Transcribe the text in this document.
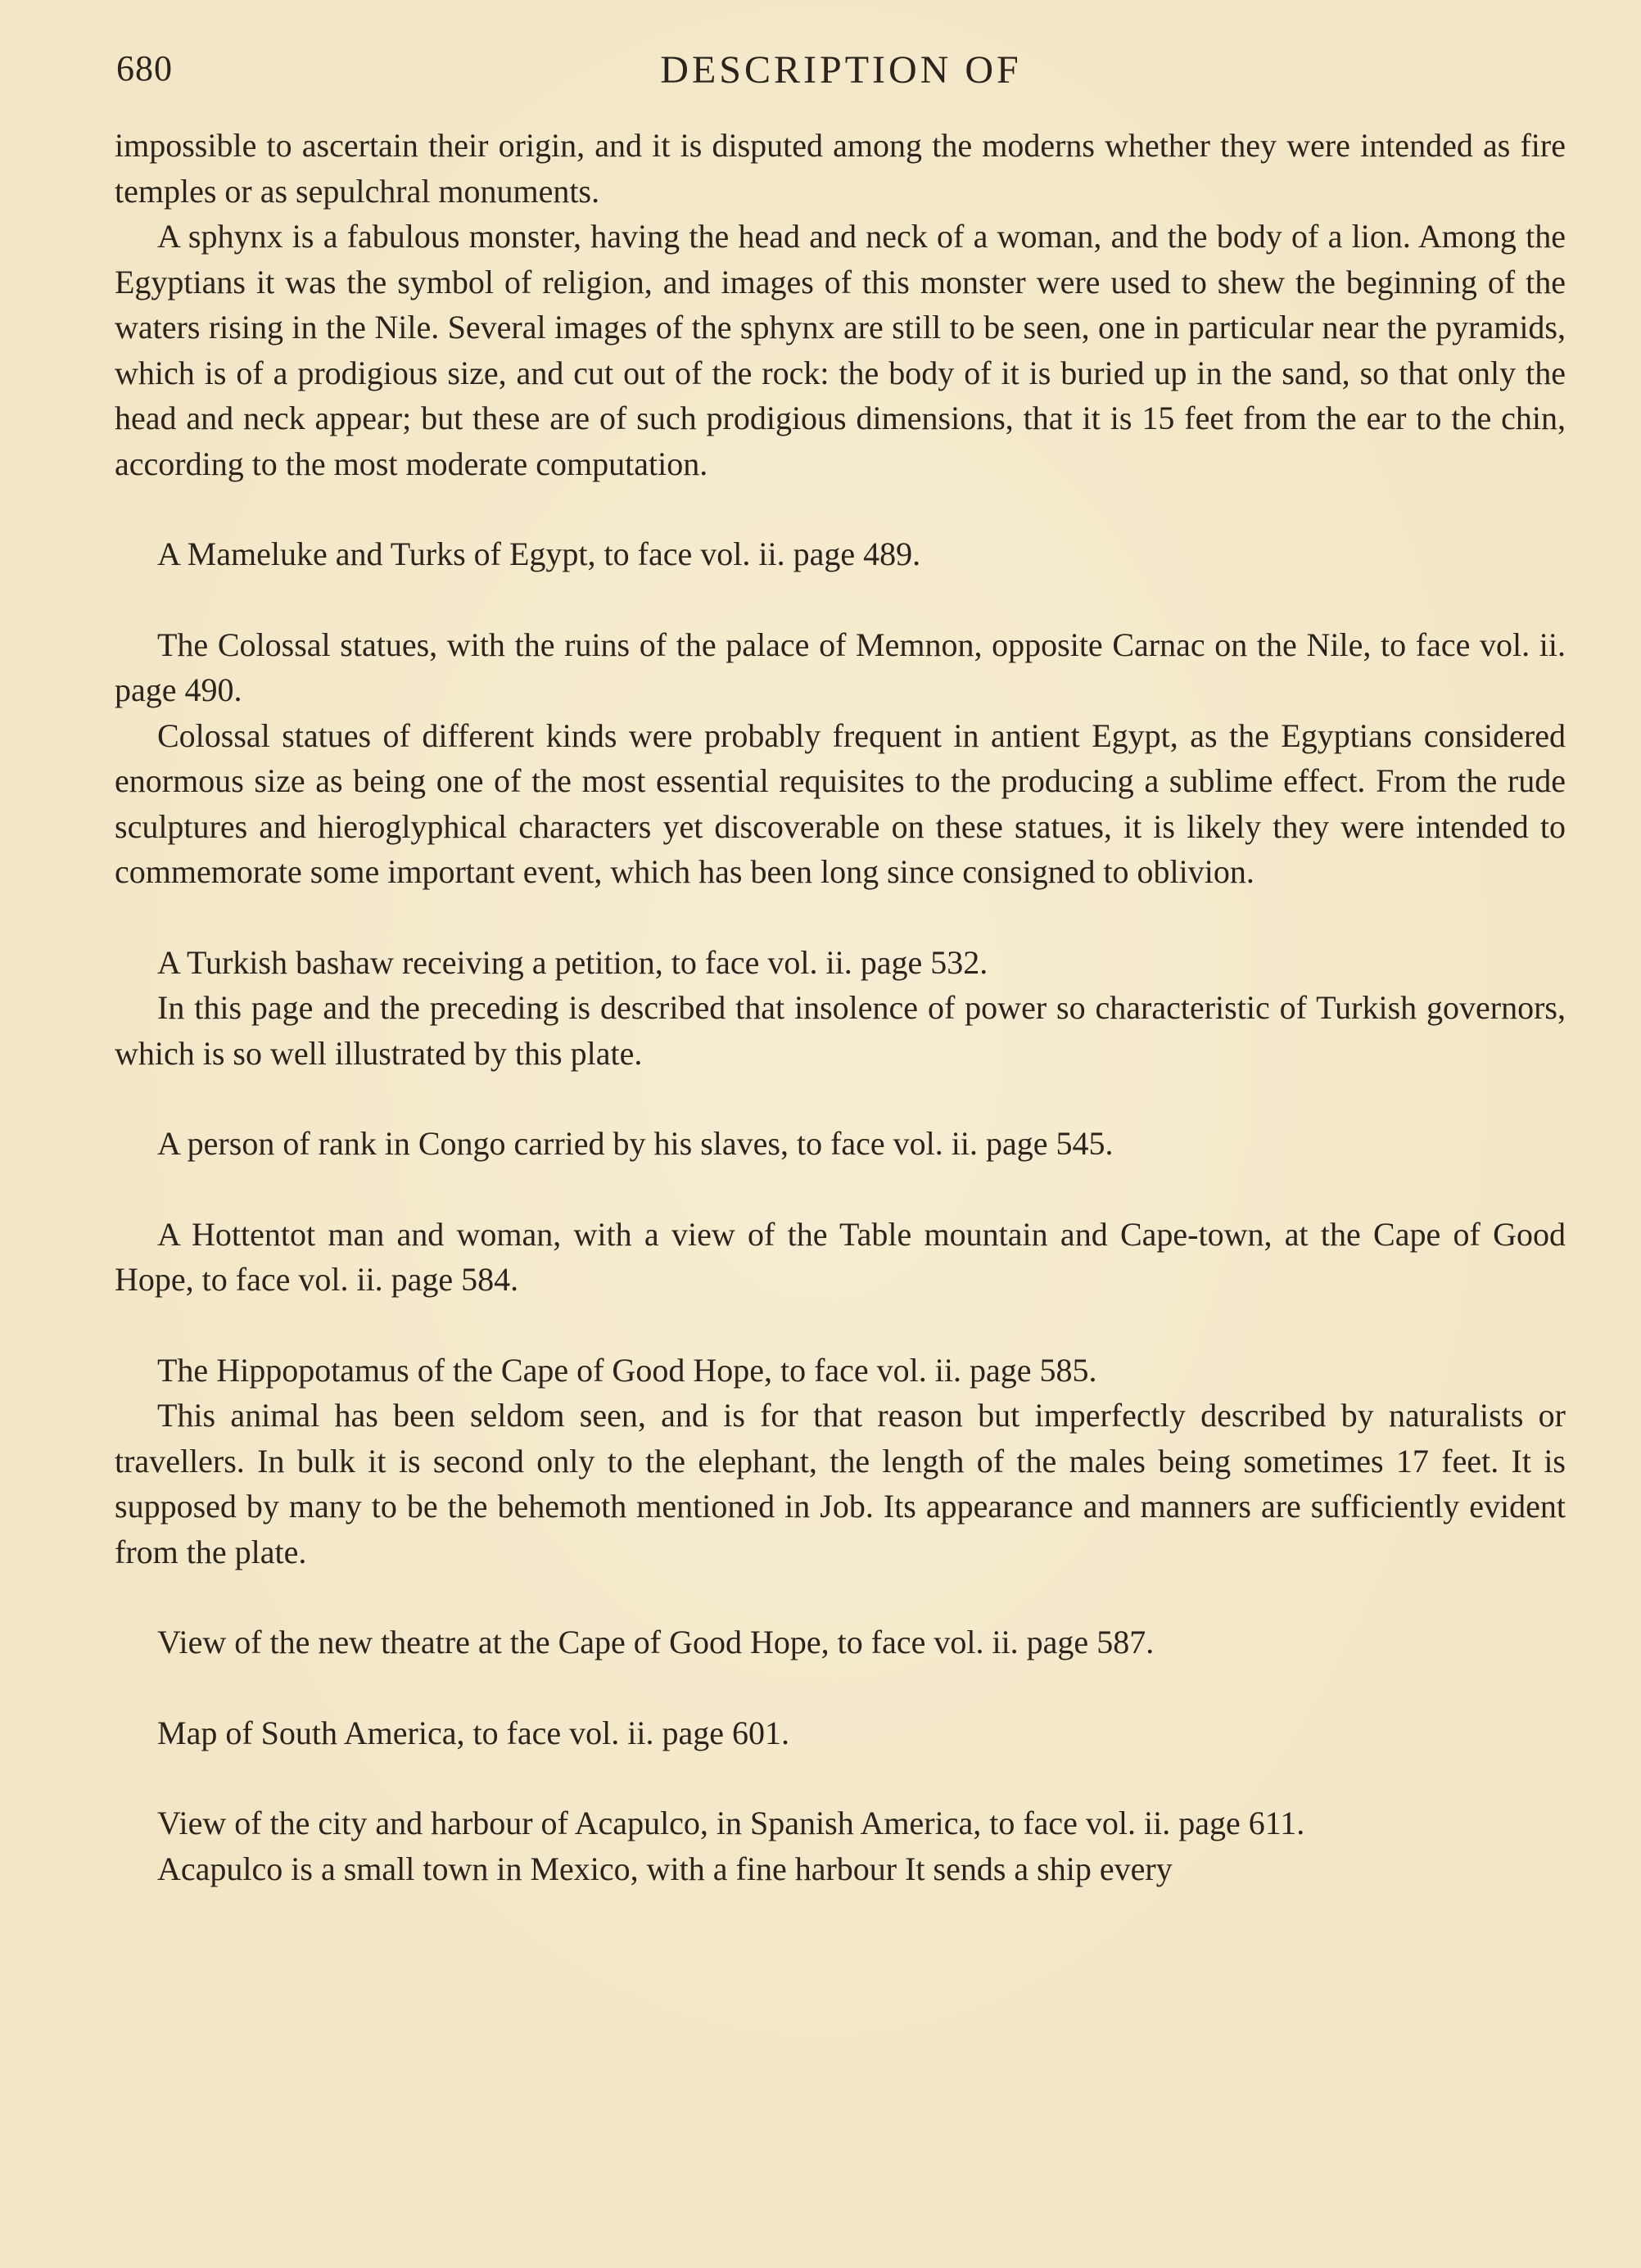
680	DESCRIPTION OF

impossible to ascertain their origin, and it is disputed among the moderns whether they were intended as fire temples or as sepulchral monuments.

A sphynx is a fabulous monster, having the head and neck of a woman, and the body of a lion. Among the Egyptians it was the symbol of religion, and images of this monster were used to shew the beginning of the waters rising in the Nile. Several images of the sphynx are still to be seen, one in particular near the pyramids, which is of a prodigious size, and cut out of the rock: the body of it is buried up in the sand, so that only the head and neck appear; but these are of such prodigious dimensions, that it is 15 feet from the ear to the chin, according to the most moderate computation.

A Mameluke and Turks of Egypt, to face vol. ii. page 489.

The Colossal statues, with the ruins of the palace of Memnon, opposite Carnac on the Nile, to face vol. ii. page 490.

Colossal statues of different kinds were probably frequent in antient Egypt, as the Egyptians considered enormous size as being one of the most essential requisites to the producing a sublime effect. From the rude sculptures and hieroglyphical characters yet discoverable on these statues, it is likely they were intended to commemorate some important event, which has been long since consigned to oblivion.

A Turkish bashaw receiving a petition, to face vol. ii. page 532.

In this page and the preceding is described that insolence of power so characteristic of Turkish governors, which is so well illustrated by this plate.

A person of rank in Congo carried by his slaves, to face vol. ii. page 545.

A Hottentot man and woman, with a view of the Table mountain and Cape-town, at the Cape of Good Hope, to face vol. ii. page 584.

The Hippopotamus of the Cape of Good Hope, to face vol. ii. page 585.

This animal has been seldom seen, and is for that reason but imperfectly described by naturalists or travellers. In bulk it is second only to the elephant, the length of the males being sometimes 17 feet. It is supposed by many to be the behemoth mentioned in Job. Its appearance and manners are sufficiently evident from the plate.

View of the new theatre at the Cape of Good Hope, to face vol. ii. page 587.

Map of South America, to face vol. ii. page 601.

View of the city and harbour of Acapulco, in Spanish America, to face vol. ii. page 611.

Acapulco is a small town in Mexico, with a fine harbour It sends a ship every
